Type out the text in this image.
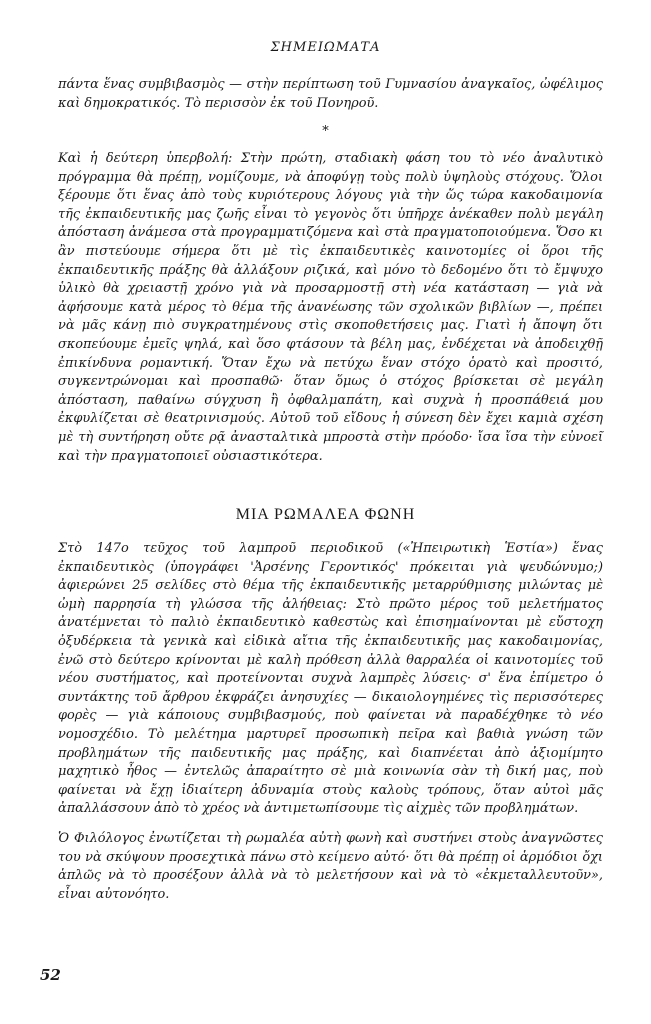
ΣΗΜΕΙΩΜΑΤΑ
πάντα ἕνας συμβιβασμὸς — στὴν περίπτωση τοῦ Γυμνασίου ἀναγκαῖος, ὠφέλιμος καὶ δημοκρατικός. Τὸ περισσὸν ἐκ τοῦ Πονηροῦ.
*
Καὶ ἡ δεύτερη ὑπερβολή: Στὴν πρώτη, σταδιακὴ φάση του τὸ νέο ἀναλυτικὸ πρόγραμμα θὰ πρέπῃ, νομίζουμε, νὰ ἀποφύγῃ τοὺς πολὺ ὑψηλοὺς στόχους. Ὅλοι ξέρουμε ὅτι ἕνας ἀπὸ τοὺς κυριότερους λόγους γιὰ τὴν ὥς τώρα κακοδαιμονία τῆς ἐκπαιδευτικῆς μας ζωῆς εἶναι τὸ γεγονὸς ὅτι ὑπῆρχε ἀνέκαθεν πολὺ μεγάλη ἀπόσταση ἀνάμεσα στὰ προγραμματιζόμενα καὶ στὰ πραγματοποιούμενα. Ὅσο κι ἂν πιστεύουμε σήμερα ὅτι μὲ τὶς ἐκπαιδευτικὲς καινοτομίες οἱ ὅροι τῆς ἐκπαιδευτικῆς πράξης θὰ ἀλλάξουν ριζικά, καὶ μόνο τὸ δεδομένο ὅτι τὸ ἔμψυχο ὑλικὸ θὰ χρειαστῇ χρόνο γιὰ νὰ προσαρμοστῇ στὴ νέα κατάσταση — γιὰ νὰ ἀφήσουμε κατὰ μέρος τὸ θέμα τῆς ἀνανέωσης τῶν σχολικῶν βιβλίων —, πρέπει νὰ μᾶς κάνῃ πιὸ συγκρατημένους στὶς σκοποθετήσεις μας. Γιατὶ ἡ ἄποψη ὅτι σκοπεύουμε ἐμεῖς ψηλά, καὶ ὅσο φτάσουν τὰ βέλη μας, ἐνδέχεται νὰ ἀποδειχθῇ ἐπικίνδυνα ρομαντική. Ὅταν ἔχω νὰ πετύχω ἕναν στόχο ὁρατὸ καὶ προσιτό, συγκεντρώνομαι καὶ προσπαθῶ· ὅταν ὅμως ὁ στόχος βρίσκεται σὲ μεγάλη ἀπόσταση, παθαίνω σύγχυση ἢ ὀφθαλμαπάτη, καὶ συχνὰ ἡ προσπάθειά μου ἐκφυλίζεται σὲ θεατρινισμούς. Αὐτοῦ τοῦ εἴδους ἡ σύνεση δὲν ἔχει καμιὰ σχέση μὲ τὴ συντήρηση οὔτε ρᾷ ἀνασταλτικὰ μπροστὰ στὴν πρόοδο· ἴσα ἴσα τὴν εὐνοεῖ καὶ τὴν πραγματοποιεῖ οὐσιαστικότερα.
ΜΙΑ ΡΩΜΑΛΕΑ ΦΩΝΗ
Στὸ 147ο τεῦχος τοῦ λαμπροῦ περιοδικοῦ («Ἠπειρωτικὴ Ἑστία») ἕνας ἐκπαιδευτικὸς (ὑπογράφει 'Ἀρσένης Γεροντικός' πρόκειται γιὰ ψευδώνυμο;) ἀφιερώνει 25 σελίδες στὸ θέμα τῆς ἐκπαιδευτικῆς μεταρρύθμισης μιλώντας μὲ ὠμὴ παρρησία τὴ γλώσσα τῆς ἀλήθειας: Στὸ πρῶτο μέρος τοῦ μελετήματος ἀνατέμνεται τὸ παλιὸ ἐκπαιδευτικὸ καθεστὼς καὶ ἐπισημαίνονται μὲ εὔστοχη ὀξυδέρκεια τὰ γενικὰ καὶ εἰδικὰ αἴτια τῆς ἐκπαιδευτικῆς μας κακοδαιμονίας, ἐνῶ στὸ δεύτερο κρίνονται μὲ καλὴ πρόθεση ἀλλὰ θαρραλέα οἱ καινοτομίες τοῦ νέου συστήματος, καὶ προτείνονται συχνὰ λαμπρὲς λύσεις· σ' ἕνα ἐπίμετρο ὁ συντάκτης τοῦ ἄρθρου ἐκφράζει ἀνησυχίες — δικαιολογημένες τὶς περισσότερες φορὲς — γιὰ κάποιους συμβιβασμούς, ποὺ φαίνεται νὰ παραδέχθηκε τὸ νέο νομοσχέδιο. Τὸ μελέτημα μαρτυρεῖ προσωπικὴ πεῖρα καὶ βαθιὰ γνώση τῶν προβλημάτων τῆς παιδευτικῆς μας πράξης, καὶ διαπνέεται ἀπὸ ἀξιομίμητο μαχητικὸ ἦθος — ἐντελῶς ἀπαραίτητο σὲ μιὰ κοινωνία σὰν τὴ δική μας, ποὺ φαίνεται νὰ ἔχῃ ἰδιαίτερη ἀδυναμία στοὺς καλοὺς τρόπους, ὅταν αὐτοὶ μᾶς ἀπαλλάσσουν ἀπὸ τὸ χρέος νὰ ἀντιμετωπίσουμε τὶς αἰχμὲς τῶν προβλημάτων.
Ὁ Φιλόλογος ἐνωτίζεται τὴ ρωμαλέα αὐτὴ φωνὴ καὶ συστήνει στοὺς ἀναγνῶστες του νὰ σκύψουν προσεχτικὰ πάνω στὸ κείμενο αὐτό· ὅτι θὰ πρέπῃ οἱ ἁρμόδιοι ὄχι ἁπλῶς νὰ τὸ προσέξουν ἀλλὰ νὰ τὸ μελετήσουν καὶ νὰ τὸ «ἐκμεταλλευτοῦν», εἶναι αὐτονόητο.
52
